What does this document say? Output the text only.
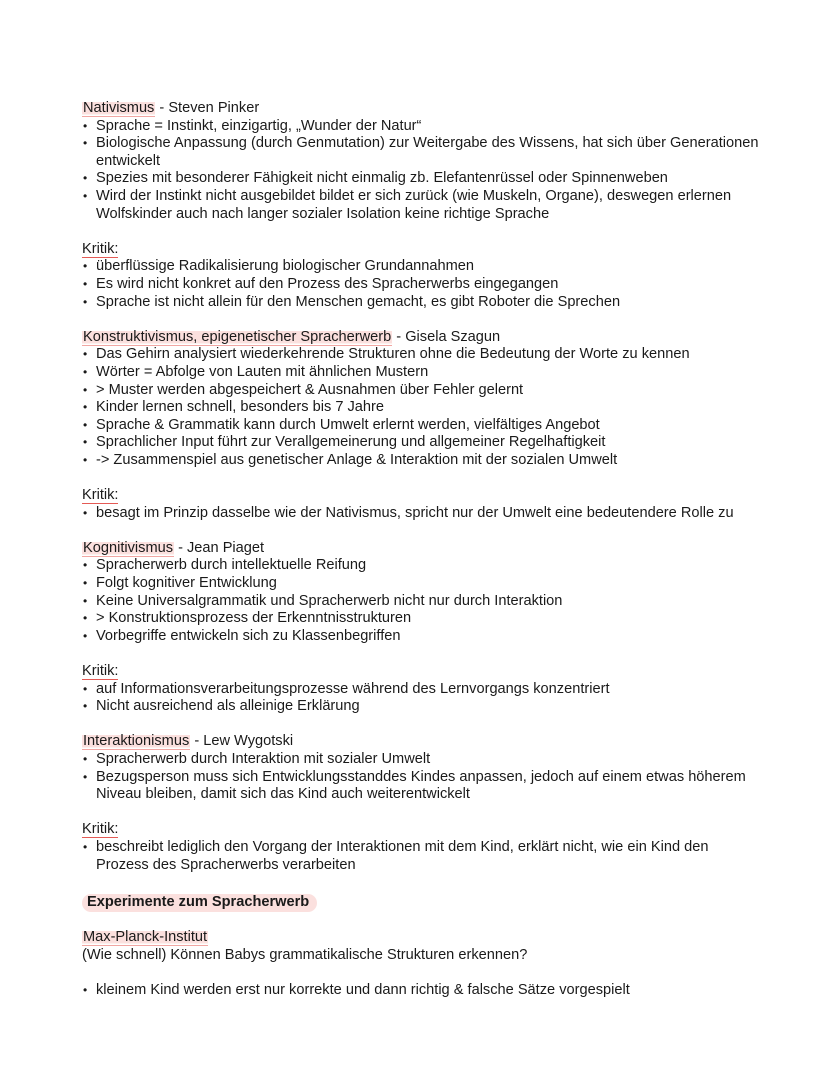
Nativismus - Steven Pinker
• Sprache = Instinkt, einzigartig, „Wunder der Natur“
• Biologische Anpassung (durch Genmutation) zur Weitergabe des Wissens, hat sich über Generationen entwickelt
• Spezies mit besonderer Fähigkeit nicht einmalig zb. Elefantenrüssel oder Spinnenweben
• Wird der Instinkt nicht ausgebildet bildet er sich zurück (wie Muskeln, Organe), deswegen erlernen Wolfskinder auch nach langer sozialer Isolation keine richtige Sprache
Kritik:
• überflüssige Radikalisierung biologischer Grundannahmen
• Es wird nicht konkret auf den Prozess des Spracherwerbs eingegangen
• Sprache ist nicht allein für den Menschen gemacht, es gibt Roboter die Sprechen
Konstruktivismus, epigenetischer Spracherwerb - Gisela Szagun
• Das Gehirn analysiert wiederkehrende Strukturen ohne die Bedeutung der Worte zu kennen
• Wörter = Abfolge von Lauten mit ähnlichen Mustern
• > Muster werden abgespeichert & Ausnahmen über Fehler gelernt
• Kinder lernen schnell, besonders bis 7 Jahre
• Sprache & Grammatik kann durch Umwelt erlernt werden, vielfältiges Angebot
• Sprachlicher Input führt zur Verallgemeinerung und allgemeiner Regelhaftigkeit
• -> Zusammenspiel aus genetischer Anlage & Interaktion mit der sozialen Umwelt
Kritik:
• besagt im Prinzip dasselbe wie der Nativismus, spricht nur der Umwelt eine bedeutendere Rolle zu
Kognitivismus - Jean Piaget
• Spracherwerb durch intellektuelle Reifung
• Folgt kognitiver Entwicklung
• Keine Universalgrammatik und Spracherwerb nicht nur durch Interaktion
• > Konstruktionsprozess der Erkenntnisstrukturen
• Vorbegriffe entwickeln sich zu Klassenbegriffen
Kritik:
• auf Informationsverarbeitungsprozesse während des Lernvorgangs konzentriert
• Nicht ausreichend als alleinige Erklärung
Interaktionismus - Lew Wygotski
• Spracherwerb durch Interaktion mit sozialer Umwelt
• Bezugsperson muss sich Entwicklungsstanddes Kindes anpassen, jedoch auf einem etwas höherem Niveau bleiben, damit sich das Kind auch weiterentwickelt
Kritik:
• beschreibt lediglich den Vorgang der Interaktionen mit dem Kind, erklärt nicht, wie ein Kind den Prozess des Spracherwerbs verarbeiten
Experimente zum Spracherwerb
Max-Planck-Institut
(Wie schnell) Können Babys grammatikalische Strukturen erkennen?
• kleinem Kind werden erst nur korrekte und dann richtig & falsche Sätze vorgespielt
